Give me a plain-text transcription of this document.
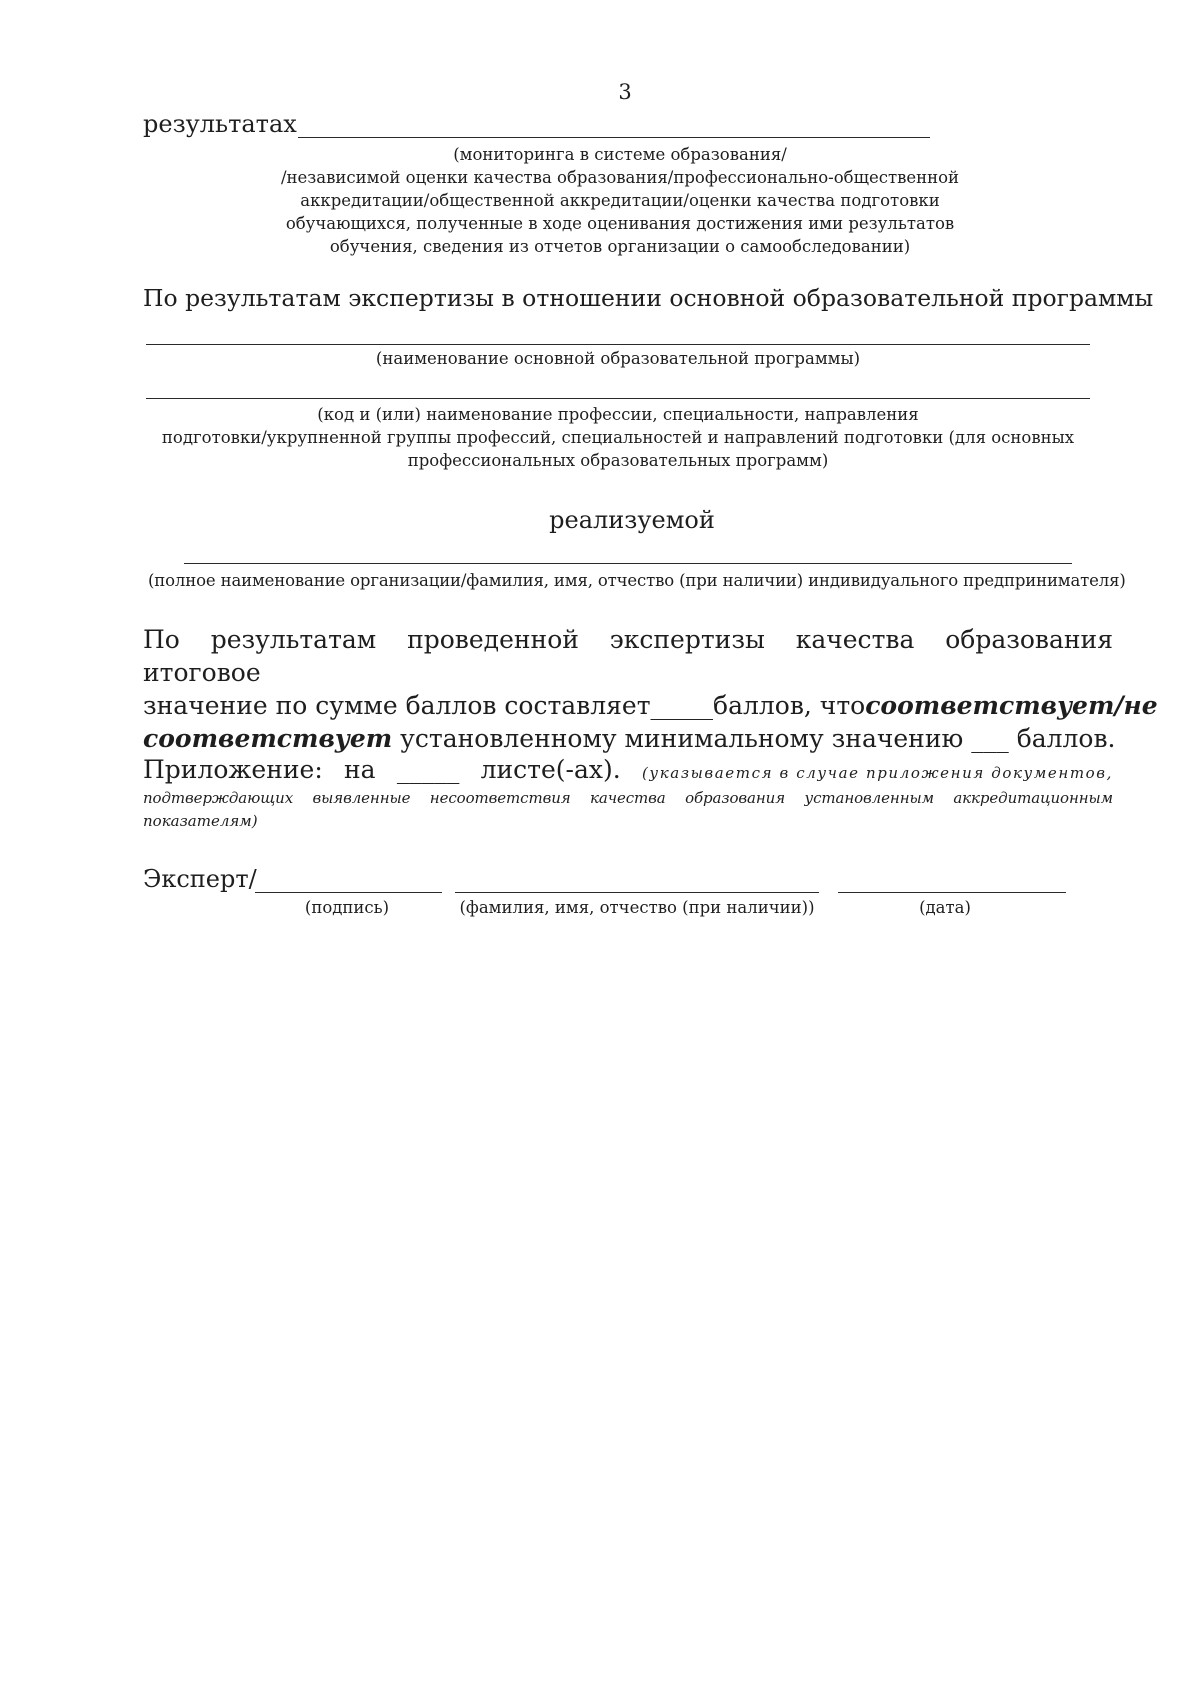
3
результатах
(мониторинга в системе образования/
/независимой оценки качества образования/профессионально-общественной
аккредитации/общественной аккредитации/оценки качества подготовки
обучающихся, полученные в ходе оценивания достижения ими результатов
обучения, сведения из отчетов организации о самообследовании)
По результатам экспертизы в отношении основной образовательной программы
(наименование основной образовательной программы)
(код и (или) наименование профессии, специальности, направления
подготовки/укрупненной группы профессий, специальностей и направлений подготовки (для основных
профессиональных образовательных программ)
реализуемой
(полное наименование организации/фамилия, имя, отчество (при наличии) индивидуального предпринимателя)
По результатам проведенной экспертизы качества образования итоговое
значение по сумме баллов составляет _____ баллов, что соответствует/не
соответствует установленному минимальному значению ___ баллов.
Приложение: на _____ листе(-ах). (указывается в случае приложения документов,
подтверждающих выявленные несоответствия качества образования установленным аккредитационным
показателям)
Эксперт/
(подпись)	(фамилия, имя, отчество (при наличии))	(дата)
